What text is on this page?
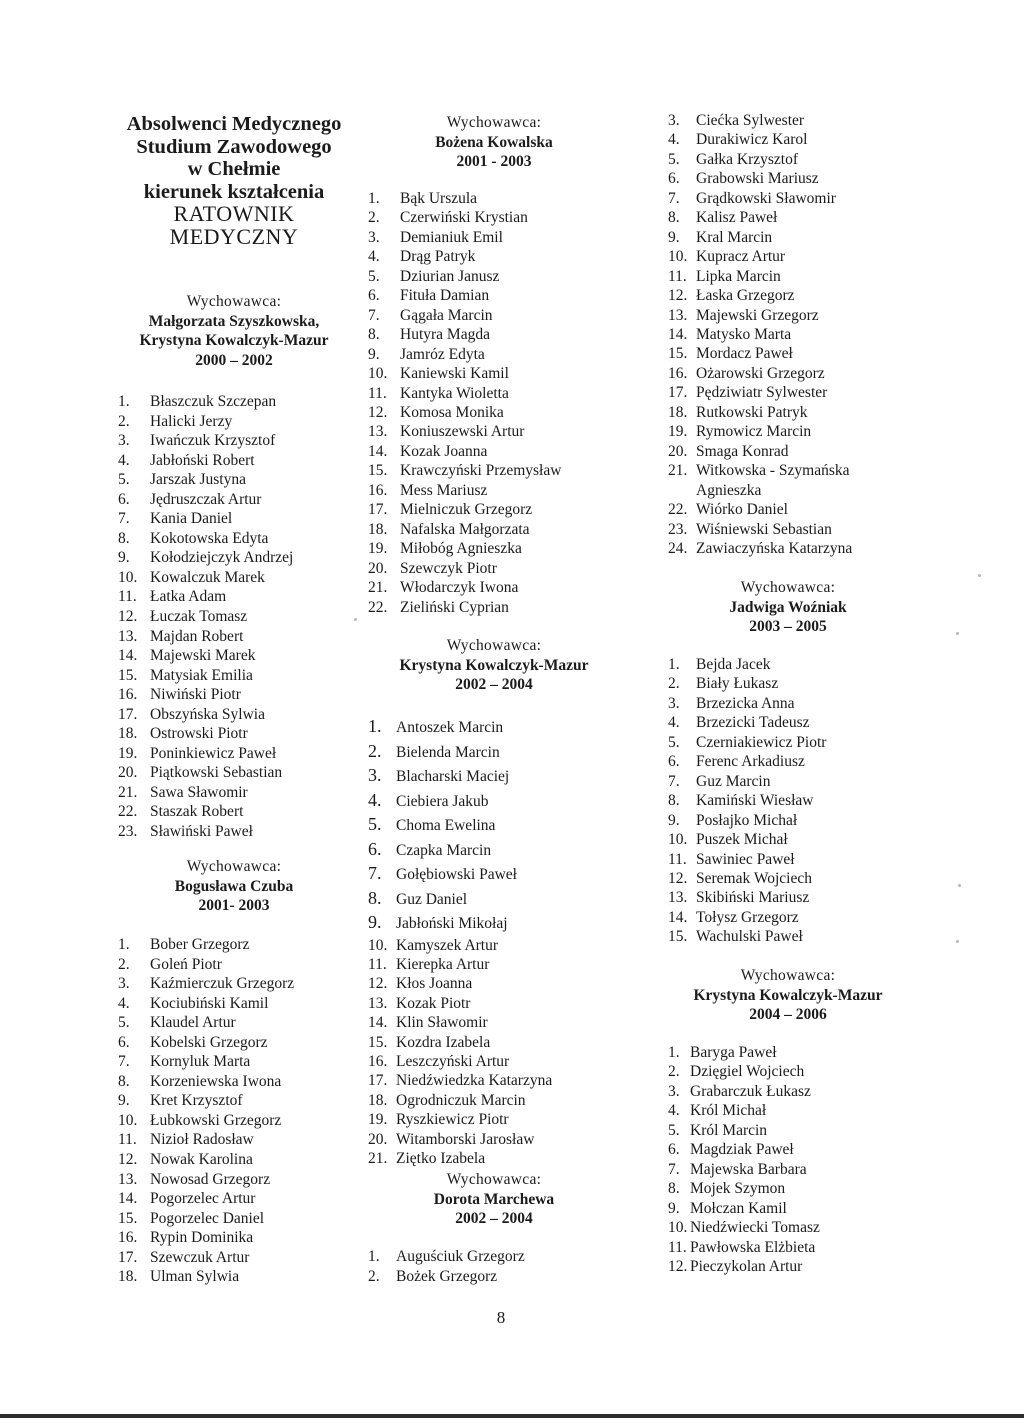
Absolwenci Medycznego
Studium Zawodowego
w Chełmie
kierunek kształcenia
RATOWNIK
MEDYCZNY
Wychowawca:
Małgorzata Szyszkowska,
Krystyna Kowalczyk-Mazur
2000 – 2002
1. Błaszczuk Szczepan
2. Halicki Jerzy
3. Iwańczuk Krzysztof
4. Jabłoński Robert
5. Jarszak Justyna
6. Jędruszczak Artur
7. Kania Daniel
8. Kokotowska Edyta
9. Kołodziejczyk Andrzej
10. Kowalczuk Marek
11. Łatka Adam
12. Łuczak Tomasz
13. Majdan Robert
14. Majewski Marek
15. Matysiak Emilia
16. Niwiński Piotr
17. Obszyńska Sylwia
18. Ostrowski Piotr
19. Poninkiewicz Paweł
20. Piątkowski Sebastian
21. Sawa Sławomir
22. Staszak Robert
23. Sławiński Paweł
Wychowawca:
Bogusława Czuba
2001- 2003
1. Bober Grzegorz
2. Goleń Piotr
3. Kaźmierczuk Grzegorz
4. Kociubiński Kamil
5. Klaudel Artur
6. Kobelski Grzegorz
7. Kornyluk Marta
8. Korzeniewska Iwona
9. Kret Krzysztof
10. Łubkowski Grzegorz
11. Nizioł Radosław
12. Nowak Karolina
13. Nowosad Grzegorz
14. Pogorzelec Artur
15. Pogorzelec Daniel
16. Rypin Dominika
17. Szewczuk Artur
18. Ulman Sylwia
Wychowawca:
Bożena Kowalska
2001 - 2003
1. Bąk Urszula
2. Czerwiński Krystian
3. Demianiuk Emil
4. Drąg Patryk
5. Dziurian Janusz
6. Fituła Damian
7. Gągała Marcin
8. Hutyra Magda
9. Jamróz Edyta
10. Kaniewski Kamil
11. Kantyka Wioletta
12. Komosa Monika
13. Koniuszewski Artur
14. Kozak Joanna
15. Krawczyński Przemysław
16. Mess Mariusz
17. Mielniczuk Grzegorz
18. Nafalska Małgorzata
19. Miłobóg Agnieszka
20. Szewczyk Piotr
21. Włodarczyk Iwona
22. Zieliński Cyprian
Wychowawca:
Krystyna Kowalczyk-Mazur
2002 – 2004
1. Antoszek Marcin
2. Bielenda Marcin
3. Blacharski Maciej
4. Ciebiera Jakub
5. Choma Ewelina
6. Czapka Marcin
7. Gołębiowski Paweł
8. Guz Daniel
9. Jabłoński Mikołaj
10. Kamyszek Artur
11. Kierepka Artur
12. Kłos Joanna
13. Kozak Piotr
14. Klin Sławomir
15. Kozdra Izabela
16. Leszczyński Artur
17. Niedźwiedzka Katarzyna
18. Ogrodniczuk Marcin
19. Ryszkiewicz Piotr
20. Witamborski Jarosław
21. Ziętko Izabela
Wychowawca:
Dorota Marchewa
2002 – 2004
1. Auguściuk Grzegorz
2. Bożek Grzegorz
3. Ciećka Sylwester
4. Durakiwicz Karol
5. Gałka Krzysztof
6. Grabowski Mariusz
7. Grądkowski Sławomir
8. Kalisz Paweł
9. Kral Marcin
10. Kupracz Artur
11. Lipka Marcin
12. Łaska Grzegorz
13. Majewski Grzegorz
14. Matysko Marta
15. Mordacz Paweł
16. Ożarowski Grzegorz
17. Pędziwiatr Sylwester
18. Rutkowski Patryk
19. Rymowicz Marcin
20. Smaga Konrad
21. Witkowska - Szymańska
Agnieszka
22. Wiórko Daniel
23. Wiśniewski Sebastian
24. Zawiaczyńska Katarzyna
Wychowawca:
Jadwiga Woźniak
2003 – 2005
1. Bejda Jacek
2. Biały Łukasz
3. Brzezicka Anna
4. Brzezicki Tadeusz
5. Czerniakiewicz Piotr
6. Ferenc Arkadiusz
7. Guz Marcin
8. Kamiński Wiesław
9. Posłajko Michał
10. Puszek Michał
11. Sawiniec Paweł
12. Seremak Wojciech
13. Skibiński Mariusz
14. Tołysz Grzegorz
15. Wachulski Paweł
Wychowawca:
Krystyna Kowalczyk-Mazur
2004 – 2006
1. Baryga Paweł
2. Dzięgiel Wojciech
3. Grabarczuk Łukasz
4. Król Michał
5. Król Marcin
6. Magdziak Paweł
7. Majewska Barbara
8. Mojek Szymon
9. Mołczan Kamil
10. Niedźwiecki Tomasz
11. Pawłowska Elżbieta
12. Pieczykolan Artur
8
